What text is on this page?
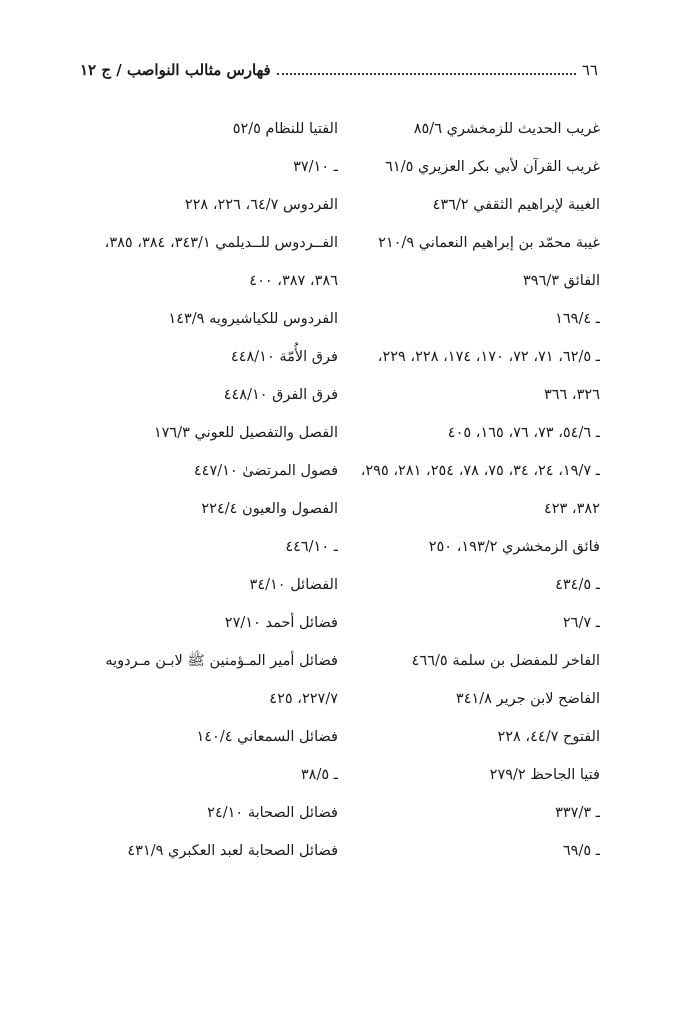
٦٦
فهارس مثالب النواصب / ج ١٢
غريب الحديث للزمخشري ٨٥/٦
غريب القرآن لأبي بكر العزيري ٦١/٥
الغيبة لإبراهيم الثقفي ٤٣٦/٢
غيبة محمّد بن إبراهيم النعماني ٢١٠/٩
الفائق ٣٩٦/٣
ـ ١٦٩/٤
ـ ٦٢/٥، ٧١، ٧٢، ١٧٠، ١٧٤، ٢٢٨، ٢٢٩،
٣٢٦، ٣٦٦
ـ ٥٤/٦، ٧٣، ٧٦، ١٦٥، ٤٠٥
ـ ١٩/٧، ٢٤، ٣٤، ٧٥، ٧٨، ٢٥٤، ٢٨١، ٢٩٥،
٣٨٢، ٤٢٣
فائق الزمخشري ١٩٣/٢، ٢٥٠
ـ ٤٣٤/٥
ـ ٢٦/٧
الفاخر للمفضل بن سلمة ٤٦٦/٥
الفاضح لابن جرير ٣٤١/٨
الفتوح ٤٤/٧، ٢٢٨
فتيا الجاحظ ٢٧٩/٢
ـ ٣٣٧/٣
ـ ٦٩/٥
الفتيا للنظام ٥٢/٥
ـ ٣٧/١٠
الفردوس ٦٤/٧، ٢٢٦، ٢٢٨
الفــردوس للــديلمي ٣٤٣/١، ٣٨٤، ٣٨٥،
٣٨٦، ٣٨٧، ٤٠٠
الفردوس للكياشيرويه ١٤٣/٩
فرق الأُمّة ٤٤٨/١٠
فرق الفرق ٤٤٨/١٠
الفصل والتفصيل للعوني ١٧٦/٣
فصول المرتضىٰ ٤٤٧/١٠
الفصول والعيون ٢٢٤/٤
ـ ٤٤٦/١٠
الفضائل ٣٤/١٠
فضائل أحمد ٢٧/١٠
فضائل أمير المـؤمنين ﷺ لابـن مـردويه
٢٢٧/٧، ٤٢٥
فضائل السمعاني ١٤٠/٤
ـ ٣٨/٥
فضائل الصحابة ٢٤/١٠
فضائل الصحابة لعبد العكبري ٤٣١/٩
